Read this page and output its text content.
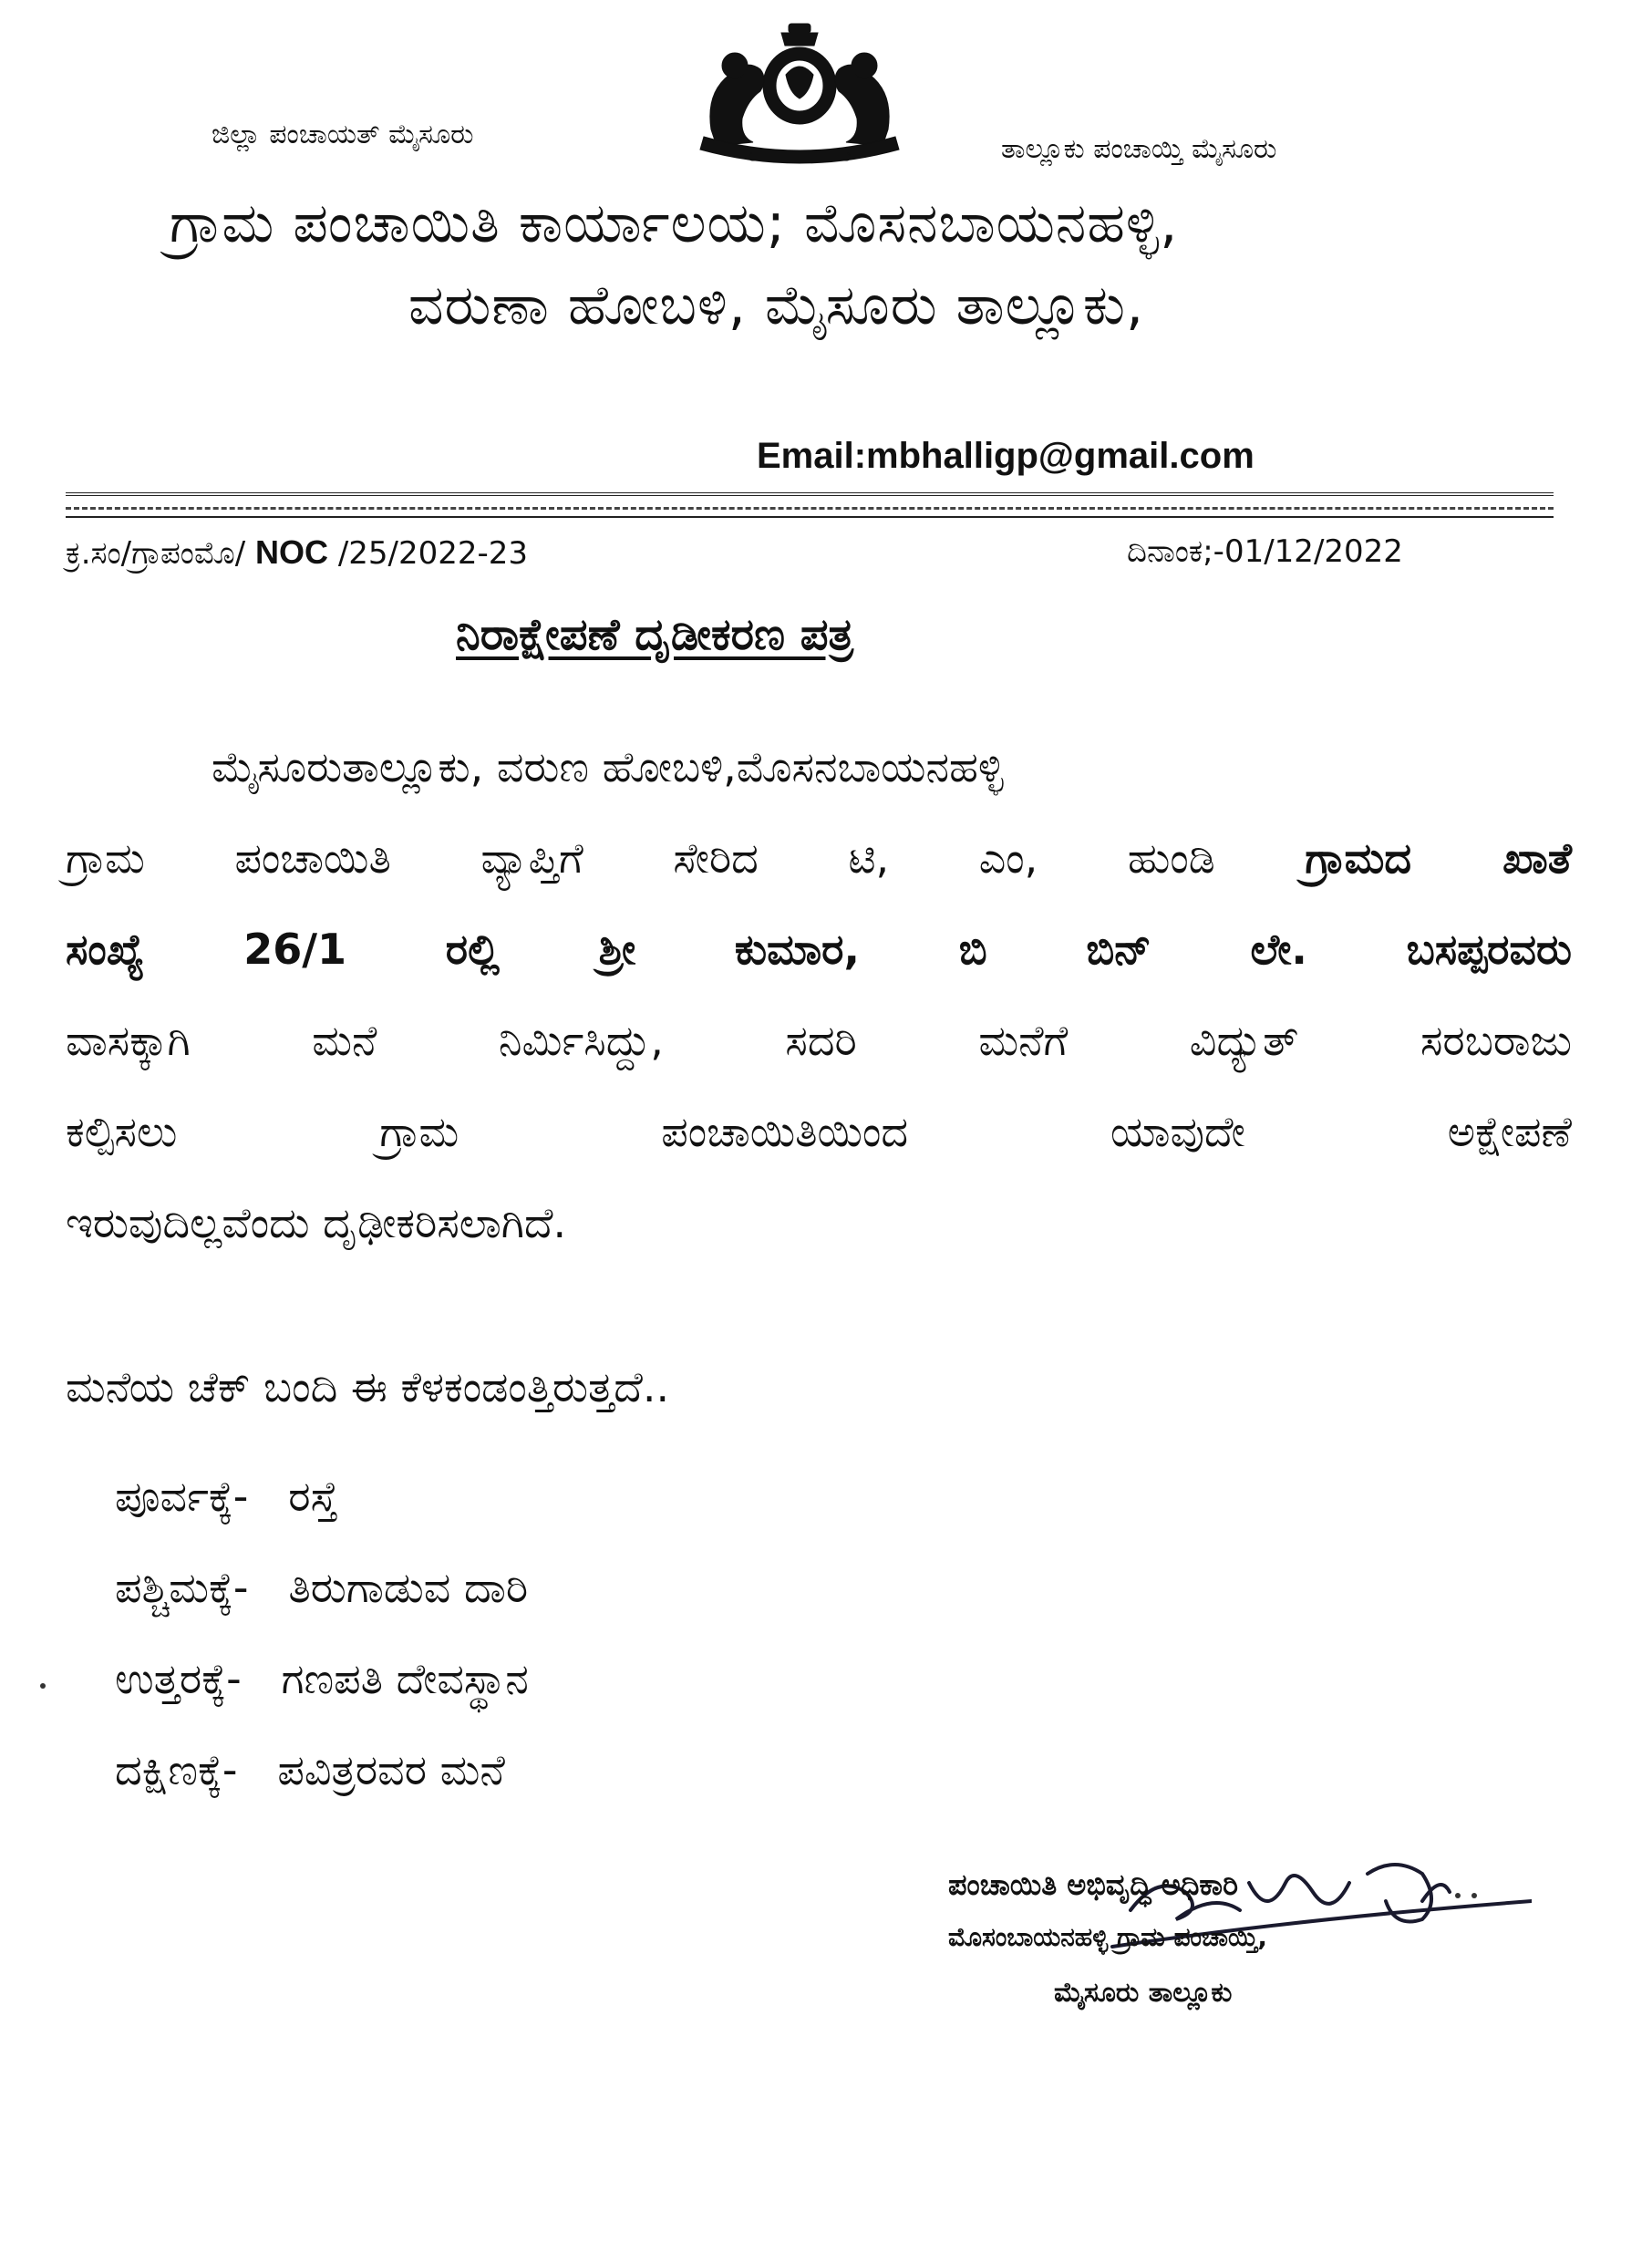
ಜಿಲ್ಲಾ ಪಂಚಾಯತ್ ಮೈಸೂರು	ತಾಲ್ಲೂಕು ಪಂಚಾಯ್ತಿ ಮೈಸೂರು
ಗ್ರಾಮ ಪಂಚಾಯಿತಿ ಕಾರ್ಯಾಲಯ; ಮೊಸನಬಾಯನಹಳ್ಳಿ,
ವರುಣಾ ಹೋಬಳಿ, ಮೈಸೂರು ತಾಲ್ಲೂಕು,
Email:mbhalligp@gmail.com
ಕ್ರ.ಸಂ/ಗ್ರಾಪಂಮೊ/ NOC /25/2022-23	ದಿನಾಂಕ;-01/12/2022
ನಿರಾಕ್ಷೇಪಣೆ ದೃಡೀಕರಣ ಪತ್ರ
ಮೈಸೂರುತಾಲ್ಲೂಕು, ವರುಣ ಹೋಬಳಿ,ಮೊಸನಬಾಯನಹಳ್ಳಿ
ಗ್ರಾಮ ಪಂಚಾಯಿತಿ ವ್ಯಾಪ್ತಿಗೆ ಸೇರಿದ ಟಿ, ಎಂ, ಹುಂಡಿ ಗ್ರಾಮದ ಖಾತೆ
ಸಂಖ್ಯೆ 26/1 ರಲ್ಲಿ ಶ್ರೀ ಕುಮಾರ, ಬಿ ಬಿನ್ ಲೇ. ಬಸಪ್ಪರವರು
ವಾಸಕ್ಕಾಗಿ ಮನೆ ನಿರ್ಮಿಸಿದ್ದು, ಸದರಿ ಮನೆಗೆ ವಿದ್ಯುತ್ ಸರಬರಾಜು
ಕಲ್ಪಿಸಲು ಗ್ರಾಮ ಪಂಚಾಯಿತಿಯಿಂದ ಯಾವುದೇ ಅಕ್ಷೇಪಣೆ
ಇರುವುದಿಲ್ಲವೆಂದು ದೃಢೀಕರಿಸಲಾಗಿದೆ.
ಮನೆಯ ಚೆಕ್ ಬಂದಿ ಈ ಕೆಳಕಂಡಂತ್ತಿರುತ್ತದೆ..
ಪೂರ್ವಕ್ಕೆ- ರಸ್ತೆ
ಪಶ್ಚಿಮಕ್ಕೆ- ತಿರುಗಾಡುವ ದಾರಿ
ಉತ್ತರಕ್ಕೆ- ಗಣಪತಿ ದೇವಸ್ಥಾನ
ದಕ್ಷಿಣಕ್ಕೆ- ಪವಿತ್ರರವರ ಮನೆ
ಪಂಚಾಯಿತಿ ಅಭಿವೃದ್ಧಿ ಅಧಿಕಾರಿ
ಮೊಸಂಬಾಯನಹಳ್ಳಿ ಗ್ರಾಮ ಪಂಚಾಯ್ತಿ,
ಮೈಸೂರು ತಾಲ್ಲೂಕು
